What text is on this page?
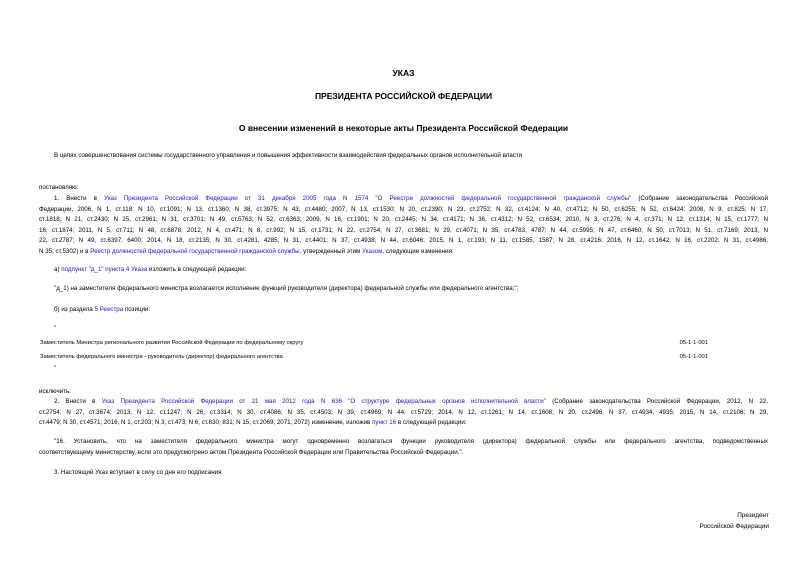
УКАЗ
ПРЕЗИДЕНТА РОССИЙСКОЙ ФЕДЕРАЦИИ
О внесении изменений в некоторые акты Президента Российской Федерации
В целях совершенствования системы государственного управления и повышения эффективности взаимодействия федеральных органов исполнительной власти
постановляю:
1. Внести в Указ Президента Российской Федерации от 31 декабря 2005 года N 1574 "О Реестре должностей федеральной государственной гражданской службы" (Собрание законодательства Российской
Федерации, 2006, N 1, ст.118; N 10, ст.1091; N 13, ст.1360; N 38, ст.3975; N 43, ст.4480; 2007, N 13, ст.1530; N 20, ст.2390; N 23, ст.2752; N 32, ст.4124; N 40, ст.4712; N 50, ст.6255; N 52, ст.6424; 2008, N 9, ст.825; N 17,
ст.1818; N 21, ст.2430; N 25, ст.2961; N 31, ст.3701; N 49, ст.5763; N 52, ст.6363; 2009, N 16, ст.1901; N 20, ст.2445; N 34, ст.4171; N 36, ст.4312; N 52, ст.6534; 2010, N 3, ст.276; N 4, ст.371; N 12, ст.1314; N 15, ст.1777; N
16, ст.1874; 2011, N 5, ст.711; N 48, ст.6878; 2012, N 4, ст.471; N 8, ст.992; N 15, ст.1731; N 22, ст.2754; N 27, ст.3681; N 29, ст.4071; N 35, ст.4783, 4787; N 44, ст.5995; N 47, ст.6460; N 50, ст.7013; N 51, ст.7169; 2013, N
22, ст.2787; N 49, ст.6397, 6400; 2014, N 18, ст.2135; N 30, ст.4281, 4285; N 31, ст.4401; N 37, ст.4938; N 44, ст.6046; 2015, N 1, ст.193; N 11, ст.1585, 1587; N 28, ст.4216; 2016, N 12, ст.1642; N 16, ст.2202; N 31, ст.4986;
N 35, ст.5302) и в Реестр должностей федеральной государственной гражданской службы, утвержденный этим Указом, следующие изменения:
а) подпункт "д_1" пункта 4 Указа изложить в следующей редакции:
"д_1) на заместителя федерального министра возлагается исполнение функций руководителя (директора) федеральной службы или федерального агентства;";
б) из раздела 5 Реестра позиции:
"
Заместитель Министра регионального развития Российской Федерации по федеральному округу	05-1-1-001
Заместитель федерального министра - руководитель (директор) федерального агентства	05-1-1-001
"
исключить.
2. Внести в Указ Президента Российской Федерации от 21 мая 2012 года N 636 "О структуре федеральных органов исполнительной власти" (Собрание законодательства Российской Федерации, 2012, N 22,
ст.2754; N 27, ст.3674; 2013, N 12, ст.1247; N 26, ст.3314; N 30, ст.4086; N 35, ст.4503; N 39, ст.4969; N 44, ст.5729; 2014, N 12, ст.1261; N 14, ст.1608; N 20, ст.2496; N 37, ст.4934, 4935; 2015, N 14, ст.2106; N 29,
ст.4479; N 30, ст.4571; 2016, N 1, ст.203; N 3, ст.473; N 6, ст.830, 831; N 15, ст.2069, 2071, 2072) изменение, изложив пункт 16 в следующей редакции:
"16. Установить, что на заместителя федерального министра могут одновременно возлагаться функции руководителя (директора) федеральной службы или федерального агентства, подведомственных
соответствующему министерству, если это предусмотрено актом Президента Российской Федерации или Правительства Российской Федерации.".
3. Настоящий Указ вступает в силу со дня его подписания.
Президент
Российской Федерации
